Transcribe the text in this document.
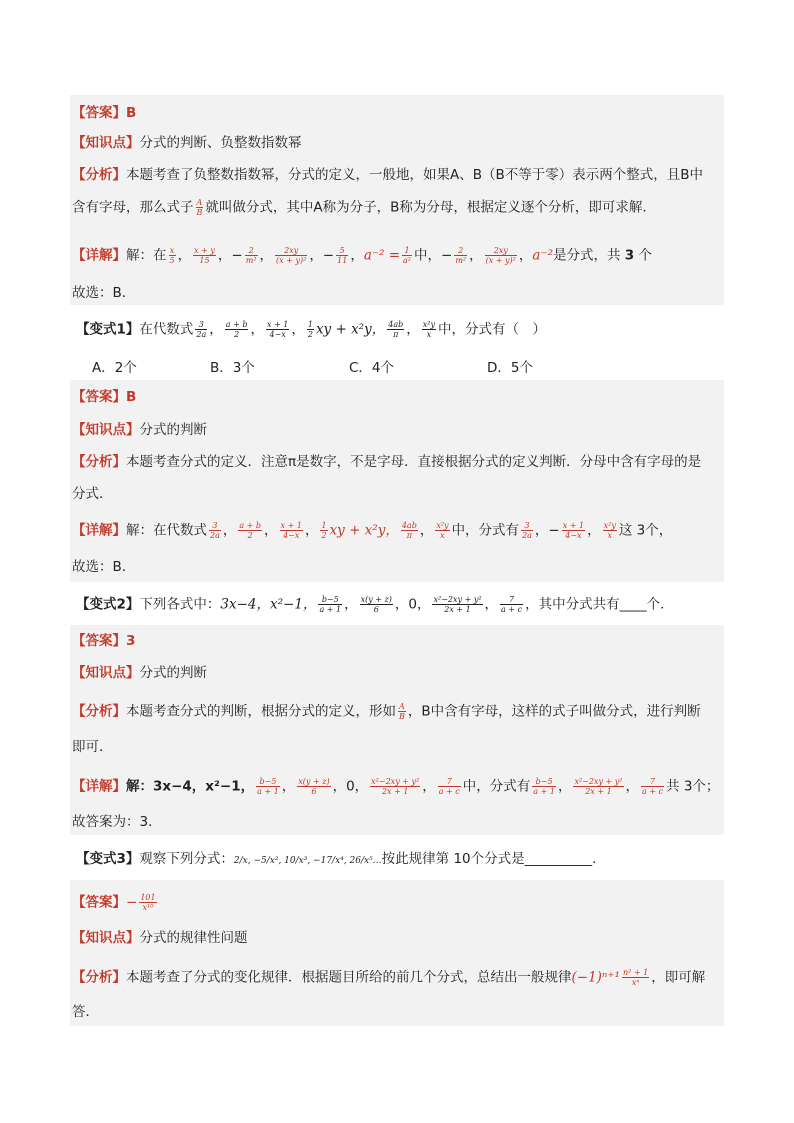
【答案】B
【知识点】分式的判断、负整数指数幂
【分析】本题考查了负整数指数幂，分式的定义，一般地，如果A、B（B不等于零）表示两个整式，且B中
含有字母，那么式子 $\frac{A}{B}$ 就叫做分式，其中A称为分子，B称为分母，根据定义逐个分析，即可求解．
【详解】解：在 $\frac{x}{5}$ ， $\frac{x + y}{15}$ ，− $\frac{2}{\text{m²}}$ ， $\frac{2xy}{\text{(x + y)²}}$ ，− $\frac{5}{11}$ ，$a^{-2} = \frac{1}{\text{a²}}$ 中，− $\frac{2}{\text{m²}}$ ， $\frac{2xy}{\text{(x + y)²}}$ ，a⁻²是分式，共 3 个
故选：B．
【变式1】在代数式 $\frac{3}{2a}$ ， $\frac{a + b}{2}$ ， $\frac{x + 1}{4-x}$ ， $\frac{1}{2}$ xy + x²y， $\frac{4ab}{\pi}$ ， $\frac{\text{x²y}}{x}$ 中，分式有（　）
A．2个	B．3个	C．4个	D．5个
【答案】B
【知识点】分式的判断
【分析】本题考查分式的定义．注意π是数字，不是字母．直接根据分式的定义判断．分母中含有字母的是
分式．
【详解】解：在代数式 $\frac{3}{2a}$ ， $\frac{a + b}{2}$ ， $\frac{x + 1}{4-x}$ ， $\frac{1}{2}$ xy + x²y， $\frac{4ab}{\pi}$ ， $\frac{\text{x²y}}{x}$ 中，分式有 $\frac{3}{2a}$ ，− $\frac{x + 1}{4-x}$ ， $\frac{\text{x²y}}{x}$ 这 3个，
故选：B．
【变式2】下列各式中：3x−4，x²−1， $\frac{b-5}{a + 1}$ ， $\frac{x(y + z)}{6}$ ，0， $\frac{\text{x²−2xy + y²}}{2x + 1}$ ， $\frac{7}{a + c}$ ，其中分式共有____个．
【答案】3
【知识点】分式的判断
【分析】本题考查分式的判断，根据分式的定义，形如 $\frac{A}{B}$ ，B中含有字母，这样的式子叫做分式，进行判断
即可．
【详解】解：3x−4，x²−1， $\frac{b-5}{a + 1}$ ， $\frac{x(y + z)}{6}$ ，0， $\frac{\text{x²−2xy + y²}}{2x + 1}$ ， $\frac{7}{a + c}$ 中，分式有 $\frac{b-5}{a + 1}$ ， $\frac{\text{x²−2xy + y²}}{2x + 1}$ ， $\frac{7}{a + c}$ 共 3个；
故答案为：3．
【变式3】观察下列分式：2/x, −5/x², 10/x³, −17/x⁴, 26/x⁵…按此规律第 10个分式是__________．
【答案】− $\frac{101}{\text{x¹⁰}}$
【知识点】分式的规律性问题
【分析】本题考查了分式的变化规律．根据题目所给的前几个分式，总结出一般规律$(-1)^{n+1} \frac{\text{n² + 1}}{\text{xⁿ}}$ ，即可解
答．
